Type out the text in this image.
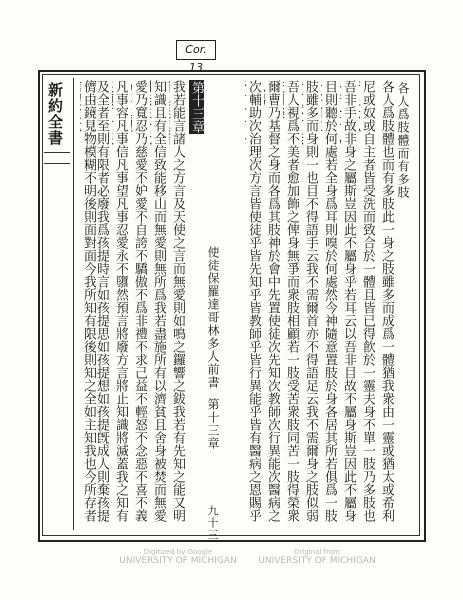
Cor. 13
新約全書	各人爲肢體也而有多肢此一身之肢雖多而成爲一體猶我衆由一靈或猶太或希利
尼或奴或自主者皆受洗而致合於一體且皆已得飮於一靈夫身不單一肢乃多肢也
吾非手故非身之屬斯豈因此不屬身乎若耳云以吾非目故不屬身斯豈因此不屬身
目則聽於何處若全身爲耳則嗅於何處然今神隨意置肢於身各居其所若俱爲一肢
肢雖多而身則一也目不得語手云我不需爾首亦不得語足云我不需爾身之肢似弱
吾人視爲不美者愈加飾之俾身無爭而衆肢相顧若一肢受苦衆肢同苦一肢得榮衆
爾曹乃基督之身而各爲其肢神於會中先置使徒次先知次教師次行異能次醫病之
次輔助次治理次方言皆使徒乎皆先知乎皆教師乎皆行異能乎皆有醫病之恩賜乎
第十三章
我若能言諸人之方言及天使之言而無愛則如鳴之鑼響之鈸我若有先知之能又明
知識且有全信致能移山而無愛則無所爲我若盡施所有以濟貧且舍身被焚而無愛
愛乃寬忍乃慈愛不妒愛不自誇不驕傲不爲非禮不求己益不輕怒不念惡不喜不義
凡事容凡事信凡事望凡事忍愛永不隳然預言將廢方言將止知識將滅蓋我之知有
及全者至則有限者必廢我爲孩提時言如孩提思如孩提想如孩提旣成人則棄孩提
儕由鏡見物模糊不明後則面對面今我所知有限後則知之全如主知我也今所存者
使徒保羅達哥林多人前書
第十三章
九十三
各人爲肢體而有多肢
Digitized by Google
UNIVERSITY OF MICHIGAN
Original from
UNIVERSITY OF MICHIGAN
